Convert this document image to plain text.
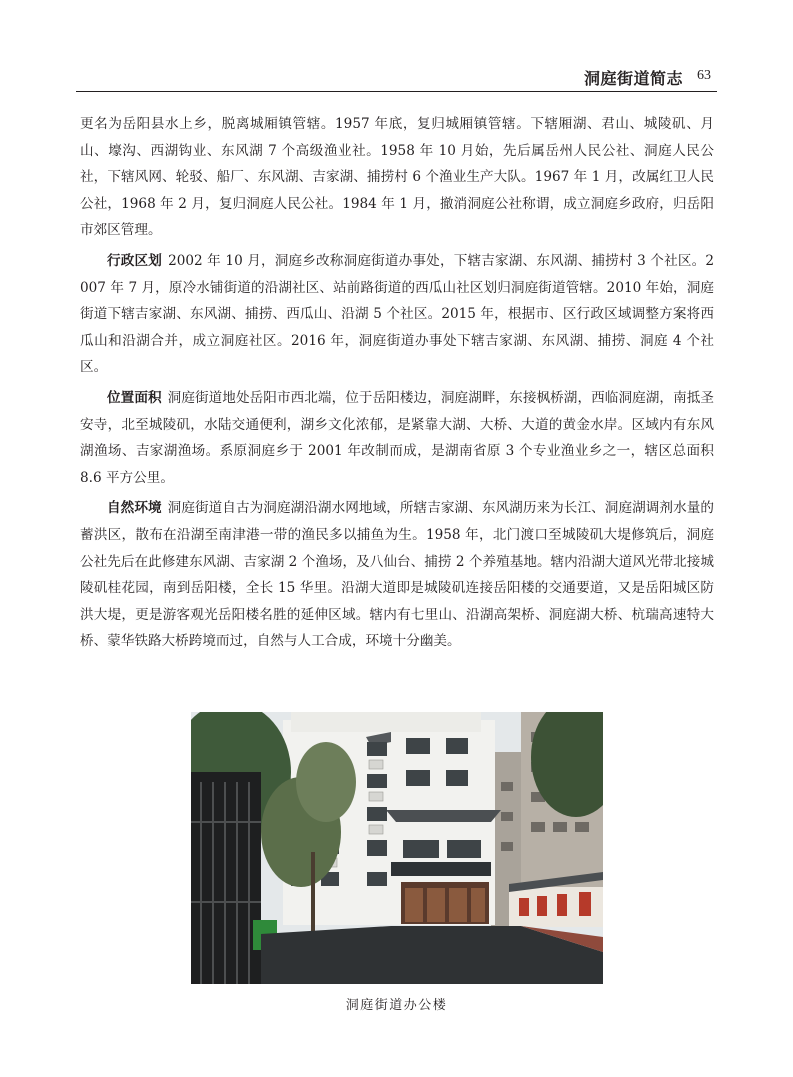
洞庭街道简志 63

更名为岳阳县水上乡，脱离城厢镇管辖。1957 年底，复归城厢镇管辖。下辖厢湖、君山、城陵矶、月山、壕沟、西湖钩业、东风湖 7 个高级渔业社。1958 年 10 月始，先后属岳州人民公社、洞庭人民公社，下辖风网、轮驳、船厂、东风湖、吉家湖、捕捞村 6 个渔业生产大队。1967 年 1 月，改属红卫人民公社，1968 年 2 月，复归洞庭人民公社。1984 年 1 月，撤消洞庭公社称谓，成立洞庭乡政府，归岳阳市郊区管理。

行政区划 2002 年 10 月，洞庭乡改称洞庭街道办事处，下辖吉家湖、东风湖、捕捞村 3 个社区。2007 年 7 月，原冷水铺街道的沿湖社区、站前路街道的西瓜山社区划归洞庭街道管辖。2010 年始，洞庭街道下辖吉家湖、东风湖、捕捞、西瓜山、沿湖 5 个社区。2015 年，根据市、区行政区域调整方案将西瓜山和沿湖合并，成立洞庭社区。2016 年，洞庭街道办事处下辖吉家湖、东风湖、捕捞、洞庭 4 个社区。

位置面积 洞庭街道地处岳阳市西北端，位于岳阳楼边，洞庭湖畔，东接枫桥湖，西临洞庭湖，南抵圣安寺，北至城陵矶，水陆交通便利，湖乡文化浓郁，是紧靠大湖、大桥、大道的黄金水岸。区域内有东风湖渔场、吉家湖渔场。系原洞庭乡于 2001 年改制而成，是湖南省原 3 个专业渔业乡之一，辖区总面积 8.6 平方公里。

自然环境 洞庭街道自古为洞庭湖沿湖水网地域，所辖吉家湖、东风湖历来为长江、洞庭湖调剂水量的蓄洪区，散布在沿湖至南津港一带的渔民多以捕鱼为生。1958 年，北门渡口至城陵矶大堤修筑后，洞庭公社先后在此修建东风湖、吉家湖 2 个渔场，及八仙台、捕捞 2 个养殖基地。辖内沿湖大道风光带北接城陵矶桂花园，南到岳阳楼，全长 15 华里。沿湖大道即是城陵矶连接岳阳楼的交通要道，又是岳阳城区防洪大堤，更是游客观光岳阳楼名胜的延伸区域。辖内有七里山、沿湖高架桥、洞庭湖大桥、杭瑞高速特大桥、蒙华铁路大桥跨境而过，自然与人工合成，环境十分幽美。

洞庭街道办公楼
